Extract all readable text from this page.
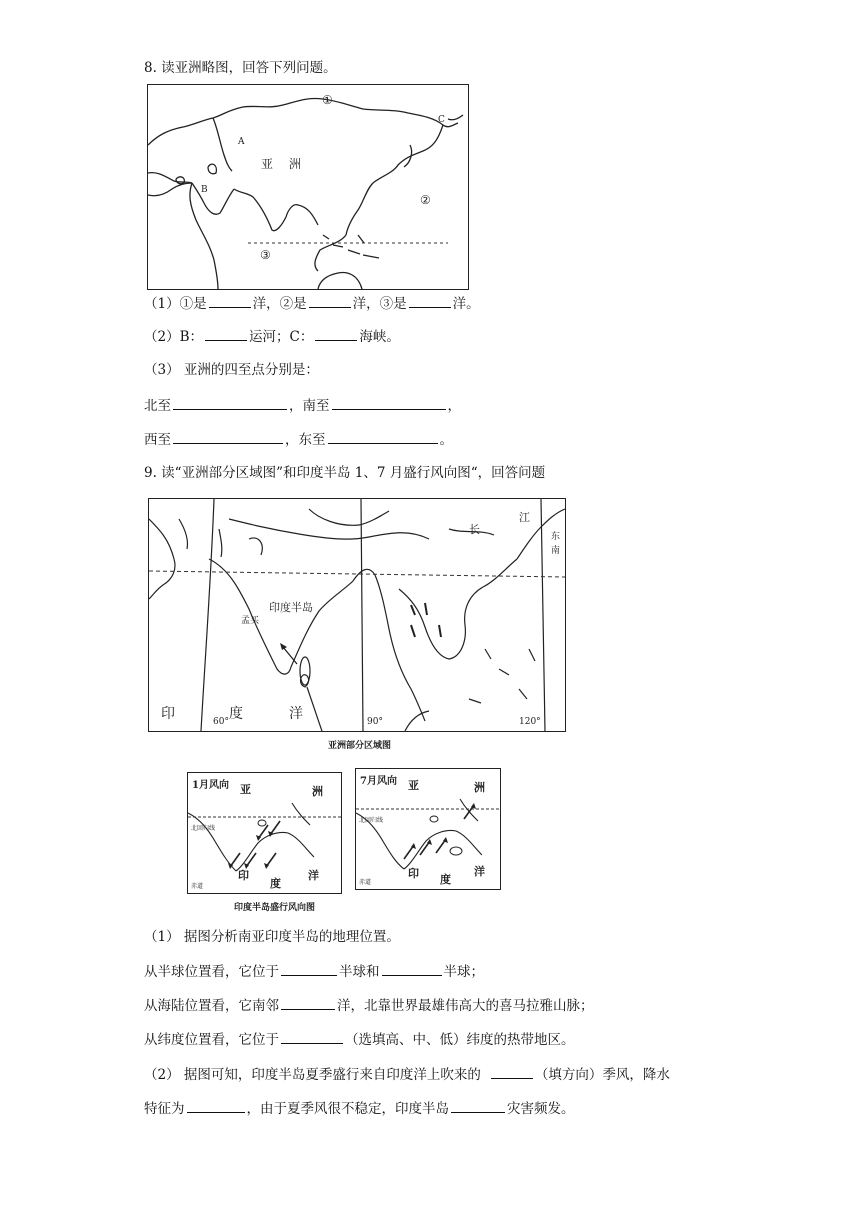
8. 读亚洲略图，回答下列问题。
①
②
③
亚 洲
A
B
C
（1）①是	洋，②是	洋，③是	洋。
（2）B：	运河；C：	海峡。
（3） 亚洲的四至点分别是：
北至	，南至	，
西至	，东至	。
9. 读“亚洲部分区域图”和印度半岛 1、7 月盛行风向图“，回答问题
印度半岛
孟买
印	度	洋
60°	90°	120°
长
江
东
南
亚洲部分区域图
1月风向 亚	洲
北回归线
印
度
洋
赤道
7月风向 亚	洲
北回归线
印 度
洋
赤道
印度半岛盛行风向图
（1） 据图分析南亚印度半岛的地理位置。
从半球位置看，它位于	半球和	半球；
从海陆位置看，它南邻	洋，北靠世界最雄伟高大的喜马拉雅山脉；
从纬度位置看，它位于	（选填高、中、低）纬度的热带地区。
（2） 据图可知，印度半岛夏季盛行来自印度洋上吹来的	（填方向）季风，降水
特征为	，由于夏季风很不稳定，印度半岛	灾害频发。
